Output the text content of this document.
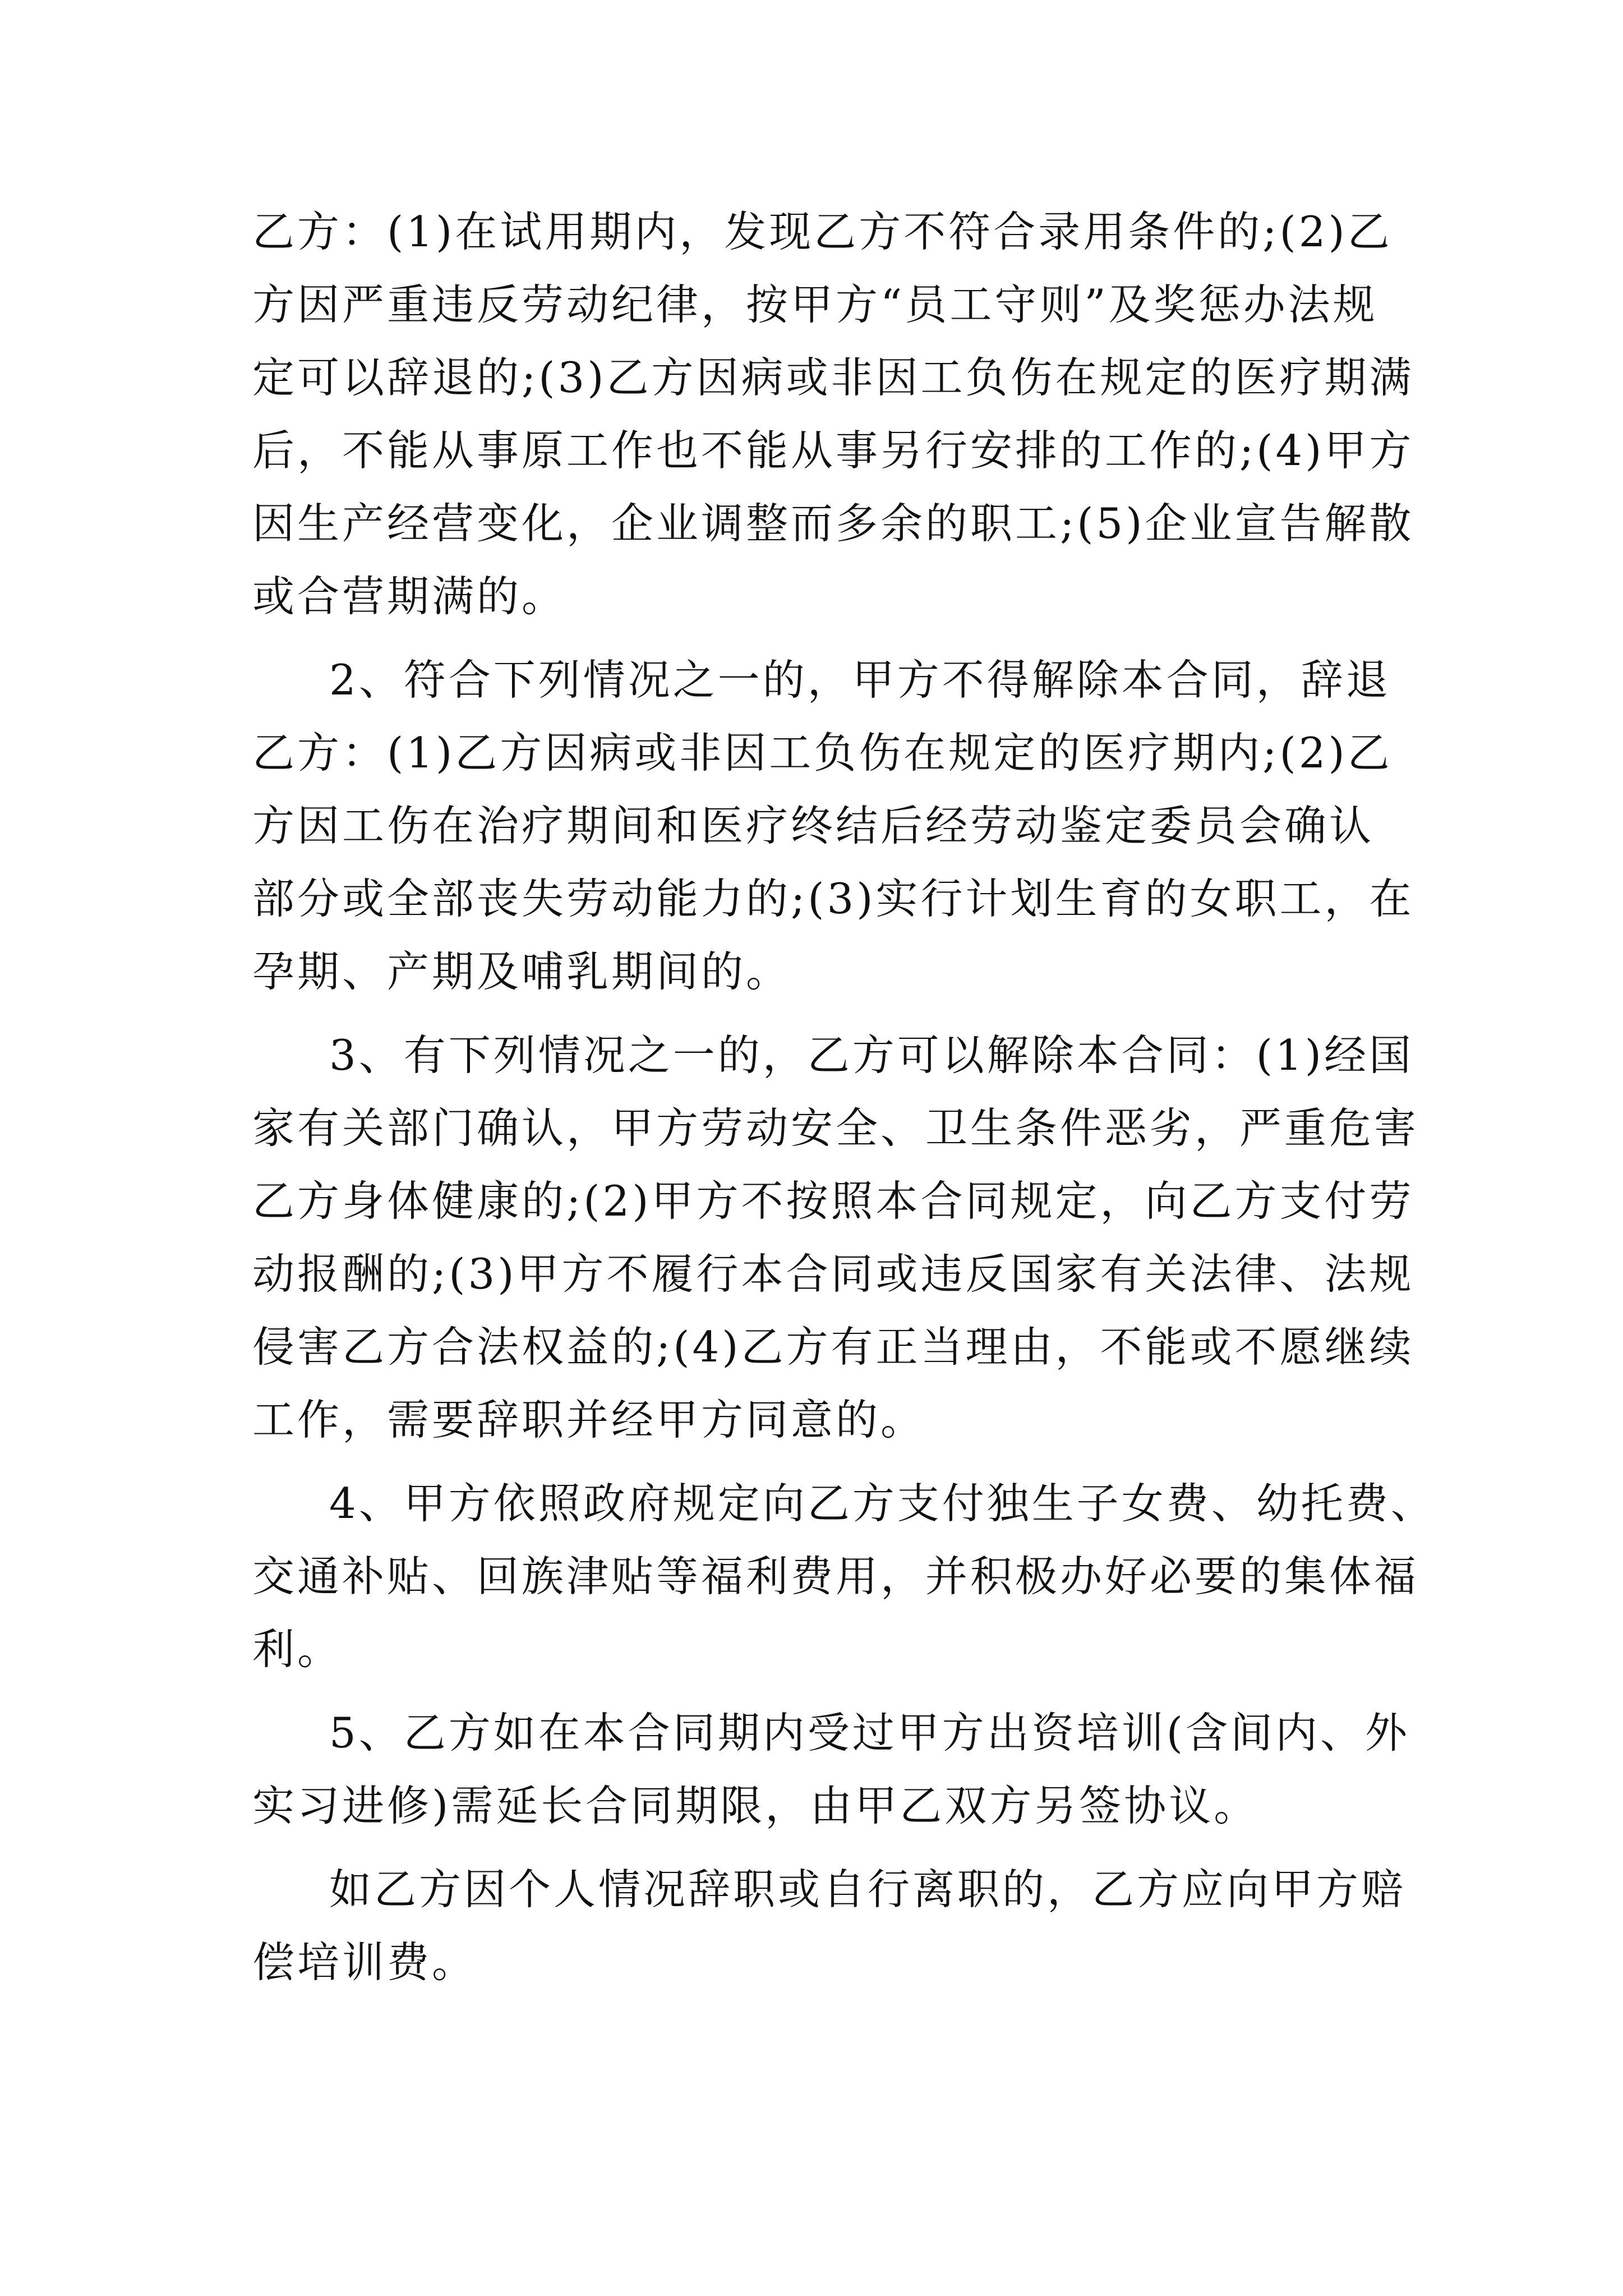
乙方：(1)在试用期内，发现乙方不符合录用条件的;(2)乙
方因严重违反劳动纪律，按甲方“员工守则”及奖惩办法规
定可以辞退的;(3)乙方因病或非因工负伤在规定的医疗期满
后，不能从事原工作也不能从事另行安排的工作的;(4)甲方
因生产经营变化，企业调整而多余的职工;(5)企业宣告解散
或合营期满的。
2、符合下列情况之一的，甲方不得解除本合同，辞退
乙方：(1)乙方因病或非因工负伤在规定的医疗期内;(2)乙
方因工伤在治疗期间和医疗终结后经劳动鉴定委员会确认
部分或全部丧失劳动能力的;(3)实行计划生育的女职工，在
孕期、产期及哺乳期间的。
3、有下列情况之一的，乙方可以解除本合同：(1)经国
家有关部门确认，甲方劳动安全、卫生条件恶劣，严重危害
乙方身体健康的;(2)甲方不按照本合同规定，向乙方支付劳
动报酬的;(3)甲方不履行本合同或违反国家有关法律、法规
侵害乙方合法权益的;(4)乙方有正当理由，不能或不愿继续
工作，需要辞职并经甲方同意的。
4、甲方依照政府规定向乙方支付独生子女费、幼托费、
交通补贴、回族津贴等福利费用，并积极办好必要的集体福
利。
5、乙方如在本合同期内受过甲方出资培训(含间内、外
实习进修)需延长合同期限，由甲乙双方另签协议。
如乙方因个人情况辞职或自行离职的，乙方应向甲方赔
偿培训费。
